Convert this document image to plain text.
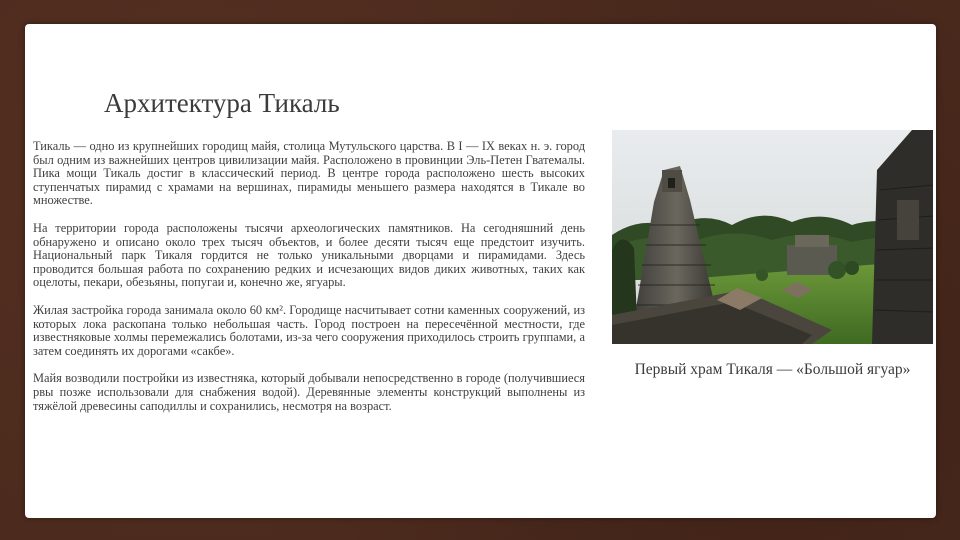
Архитектура Тикаль

Тикаль — одно из крупнейших городищ майя, столица Мутульского царства. В I — IX веках н. э. город был одним из важнейших центров цивилизации майя. Расположено в провинции Эль-Петен Гватемалы. Пика мощи Тикаль достиг в классический период. В центре города расположено шесть высоких ступенчатых пирамид с храмами на вершинах, пирамиды меньшего размера находятся в Тикале во множестве.

На территории города расположены тысячи археологических памятников. На сегодняшний день обнаружено и описано около трех тысяч объектов, и более десяти тысяч еще предстоит изучить. Национальный парк Тикаля гордится не только уникальными дворцами и пирамидами. Здесь проводится большая работа по сохранению редких и исчезающих видов диких животных, таких как оцелоты, пекари, обезьяны, попугаи и, конечно же, ягуары.

Жилая застройка города занимала около 60 км². Городище насчитывает сотни каменных сооружений, из которых лока раскопана только небольшая часть. Город построен на пересечённой местности, где известняковые холмы перемежались болотами, из-за чего сооружения приходилось строить группами, а затем соединять их дорогами «сакбе».

Майя возводили постройки из известняка, который добывали непосредственно в городе (получившиеся рвы позже использовали для снабжения водой). Деревянные элементы конструкций выполнены из тяжёлой древесины саподиллы и сохранились, несмотря на возраст.

Первый храм Тикаля — «Большой ягуар»
